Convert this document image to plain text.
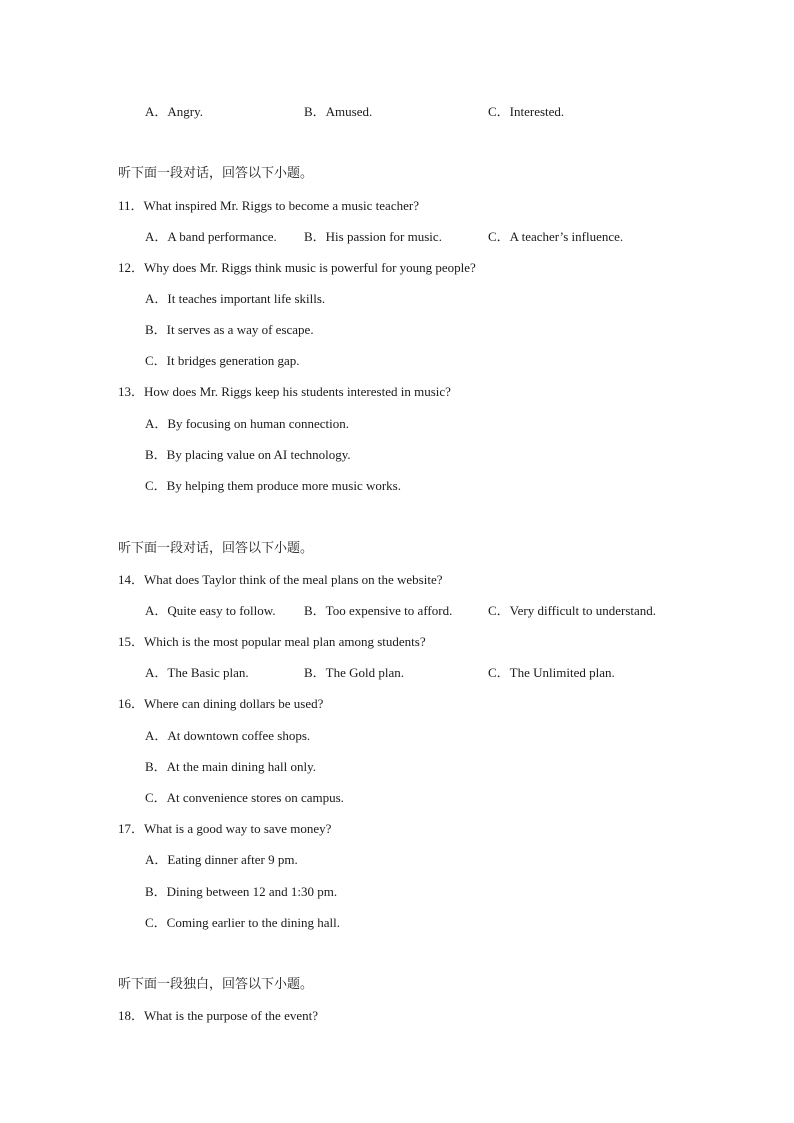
A．Angry.	B．Amused.	C．Interested.
听下面一段对话，回答以下小题。
11．What inspired Mr. Riggs to become a music teacher?
A．A band performance. B．His passion for music.	C．A teacher’s influence.
12．Why does Mr. Riggs think music is powerful for young people?
A．It teaches important life skills.
B．It serves as a way of escape.
C．It bridges generation gap.
13．How does Mr. Riggs keep his students interested in music?
A．By focusing on human connection.
B．By placing value on AI technology.
C．By helping them produce more music works.
听下面一段对话，回答以下小题。
14．What does Taylor think of the meal plans on the website?
A．Quite easy to follow. B．Too expensive to afford.	C．Very difficult to understand.
15．Which is the most popular meal plan among students?
A．The Basic plan.	B．The Gold plan.	C．The Unlimited plan.
16．Where can dining dollars be used?
A．At downtown coffee shops.
B．At the main dining hall only.
C．At convenience stores on campus.
17．What is a good way to save money?
A．Eating dinner after 9 pm.
B．Dining between 12 and 1:30 pm.
C．Coming earlier to the dining hall.
听下面一段独白，回答以下小题。
18．What is the purpose of the event?
